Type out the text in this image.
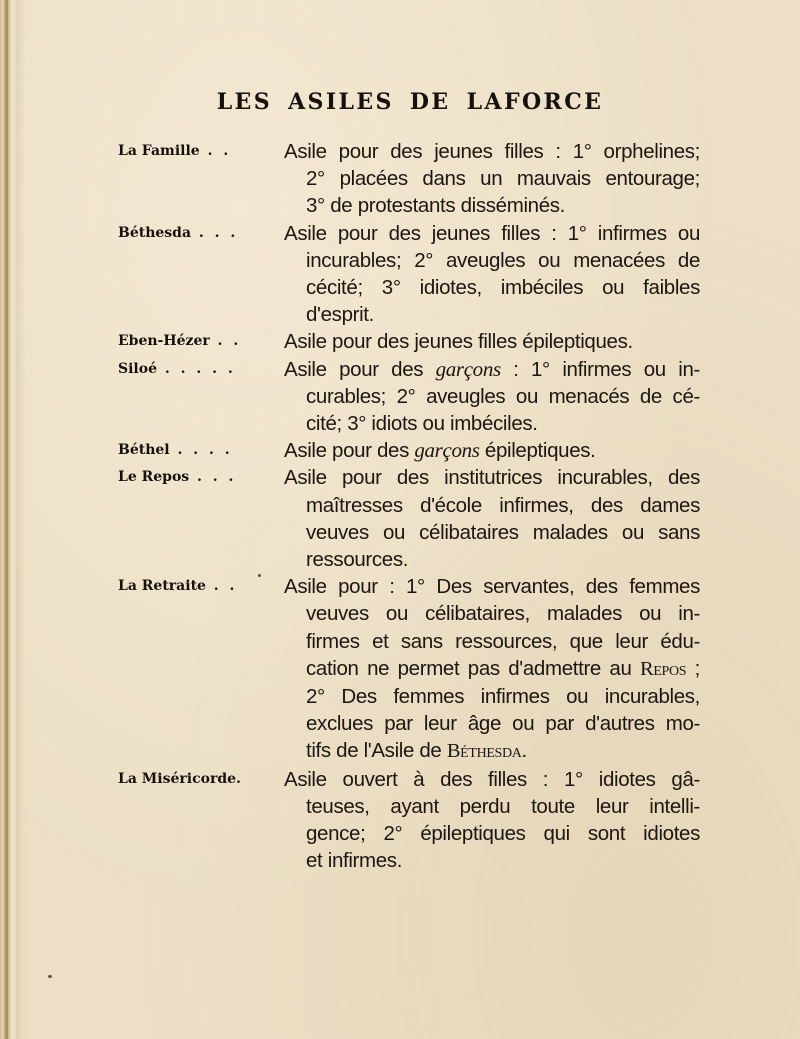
LES ASILES DE LAFORCE
La Famille . .	Asile pour des jeunes filles : 1° orphelines;
2° placées dans un mauvais entourage;
3° de protestants disséminés.
Béthesda . . .	Asile pour des jeunes filles : 1° infirmes ou
incurables; 2° aveugles ou menacées de
cécité; 3° idiotes, imbéciles ou faibles
d'esprit.
Eben-Hézer . .	Asile pour des jeunes filles épileptiques.
Siloé . . . . .	Asile pour des garçons : 1° infirmes ou in-
curables; 2° aveugles ou menacés de cé-
cité; 3° idiots ou imbéciles.
Béthel . . . .	Asile pour des garçons épileptiques.
Le Repos . . .	Asile pour des institutrices incurables, des
maîtresses d'école infirmes, des dames
veuves ou célibataires malades ou sans
ressources.
La Retraite . .	Asile pour : 1° Des servantes, des femmes
veuves ou célibataires, malades ou in-
firmes et sans ressources, que leur édu-
cation ne permet pas d'admettre au Repos ;
2° Des femmes infirmes ou incurables,
exclues par leur âge ou par d'autres mo-
tifs de l'Asile de Béthesda.
La Miséricorde.	Asile ouvert à des filles : 1° idiotes gâ-
teuses, ayant perdu toute leur intelli-
gence; 2° épileptiques qui sont idiotes
et infirmes.
